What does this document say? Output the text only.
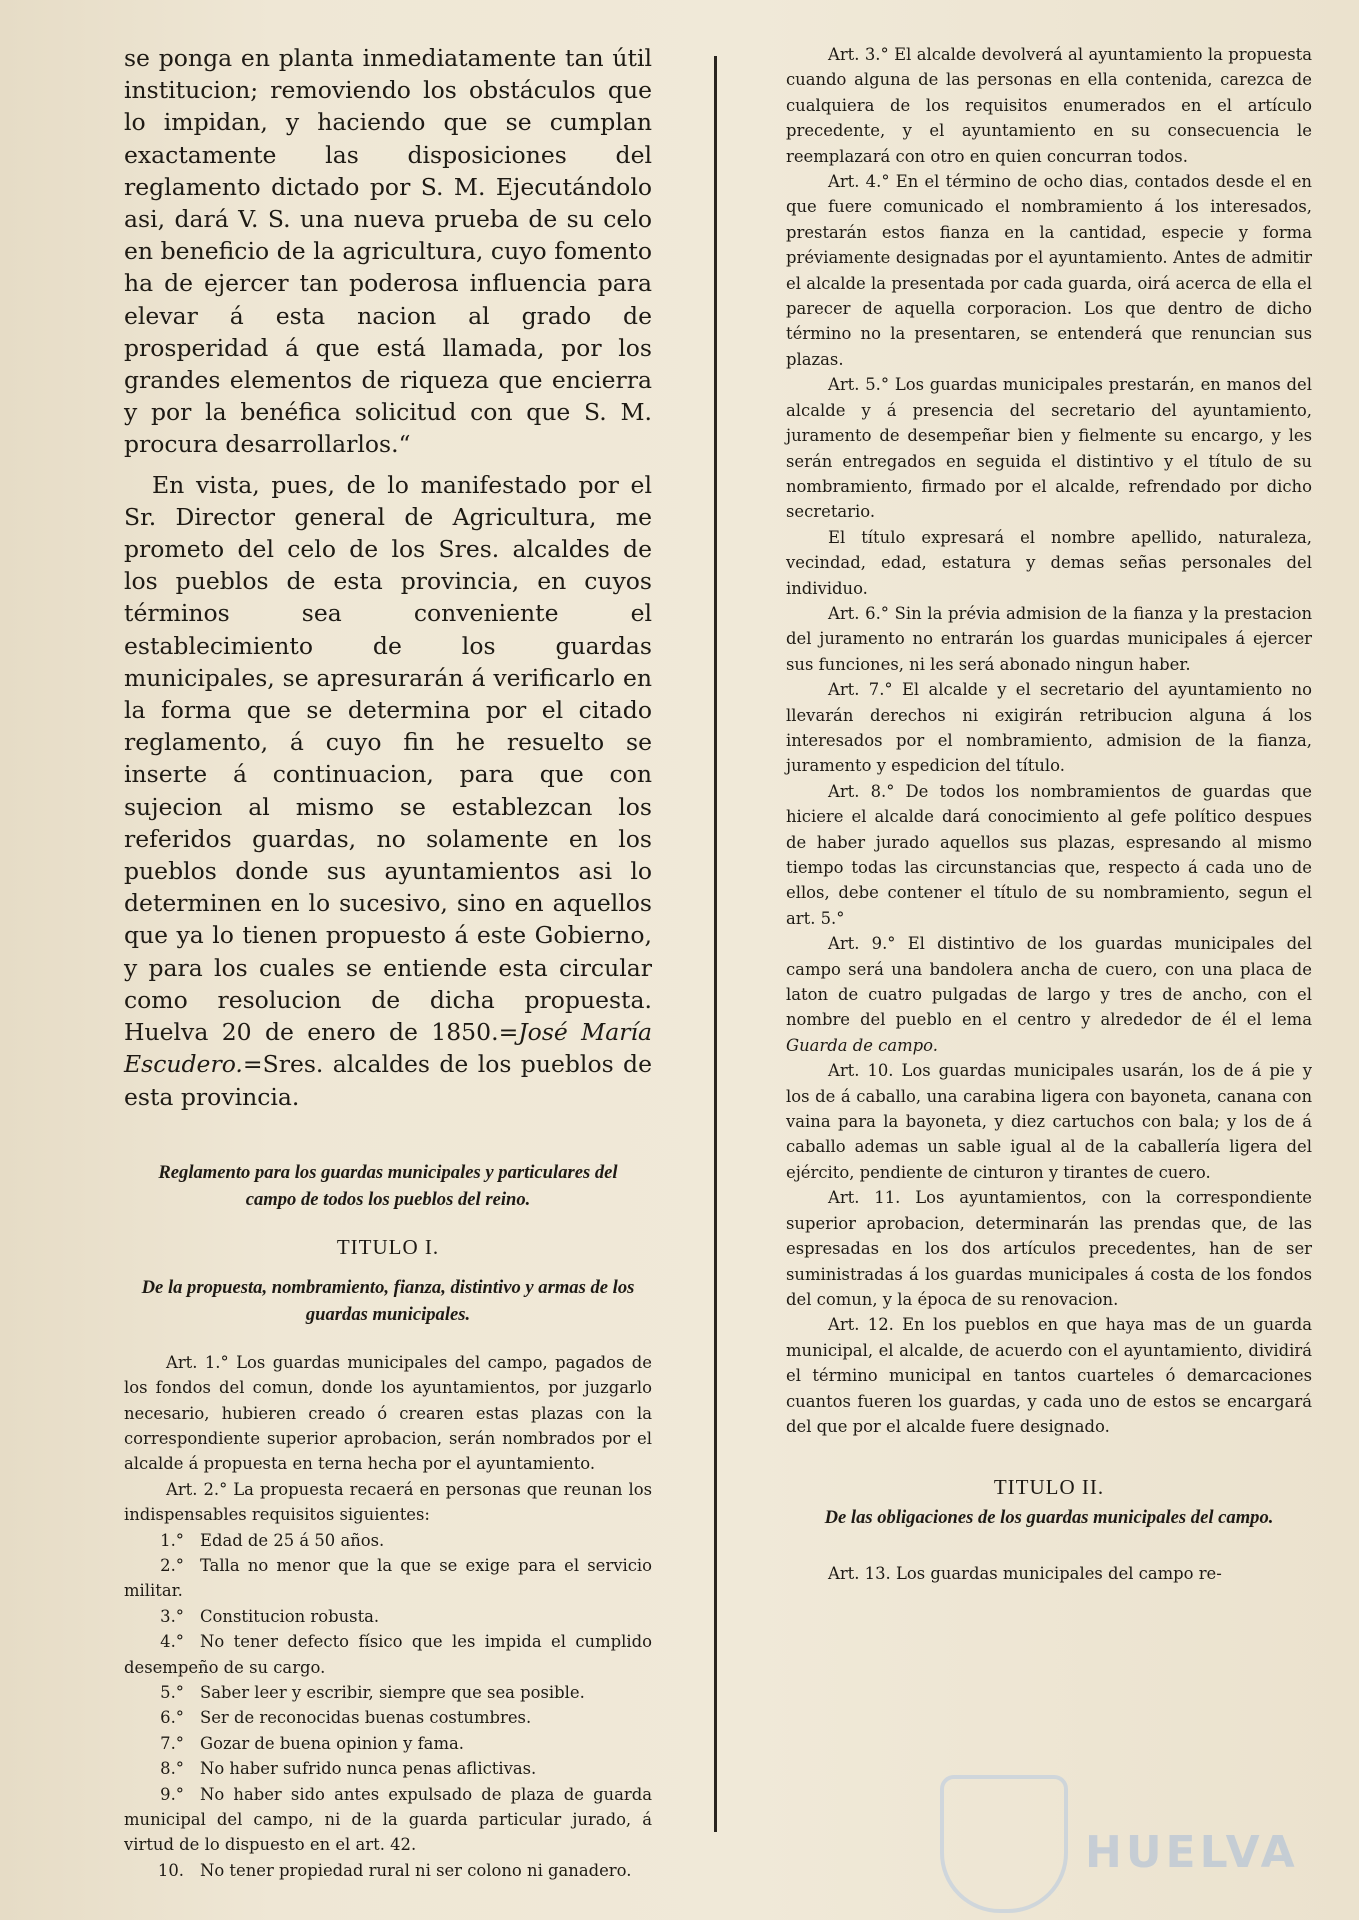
se ponga en planta inmediatamente tan útil institucion; removiendo los obstáculos que lo impidan, y haciendo que se cumplan exactamente las disposiciones del reglamento dictado por S. M. Ejecutándolo asi, dará V. S. una nueva prueba de su celo en beneficio de la agricultura, cuyo fomento ha de ejercer tan poderosa influencia para elevar á esta nacion al grado de prosperidad á que está llamada, por los grandes elementos de riqueza que encierra y por la benéfica solicitud con que S. M. procura desarrollarlos.“

En vista, pues, de lo manifestado por el Sr. Director general de Agricultura, me prometo del celo de los Sres. alcaldes de los pueblos de esta provincia, en cuyos términos sea conveniente el establecimiento de los guardas municipales, se apresurarán á verificarlo en la forma que se determina por el citado reglamento, á cuyo fin he resuelto se inserte á continuacion, para que con sujecion al mismo se establezcan los referidos guardas, no solamente en los pueblos donde sus ayuntamientos asi lo determinen en lo sucesivo, sino en aquellos que ya lo tienen propuesto á este Gobierno, y para los cuales se entiende esta circular como resolucion de dicha propuesta. Huelva 20 de enero de 1850.=José María Escudero.=Sres. alcaldes de los pueblos de esta provincia.

Reglamento para los guardas municipales y particulares del campo de todos los pueblos del reino.

TITULO I.

De la propuesta, nombramiento, fianza, distintivo y armas de los guardas municipales.

Art. 1.° Los guardas municipales del campo, pagados de los fondos del comun, donde los ayuntamientos, por juzgarlo necesario, hubieren creado ó crearen estas plazas con la correspondiente superior aprobacion, serán nombrados por el alcalde á propuesta en terna hecha por el ayuntamiento.

Art. 2.° La propuesta recaerá en personas que reunan los indispensables requisitos siguientes:

1.° Edad de 25 á 50 años.
2.° Talla no menor que la que se exige para el servicio militar.
3.° Constitucion robusta.
4.° No tener defecto físico que les impida el cumplido desempeño de su cargo.
5.° Saber leer y escribir, siempre que sea posible.
6.° Ser de reconocidas buenas costumbres.
7.° Gozar de buena opinion y fama.
8.° No haber sufrido nunca penas aflictivas.
9.° No haber sido antes expulsado de plaza de guarda municipal del campo, ni de la guarda particular jurado, á virtud de lo dispuesto en el art. 42.
10. No tener propiedad rural ni ser colono ni ganadero.

Art. 3.° El alcalde devolverá al ayuntamiento la propuesta cuando alguna de las personas en ella contenida, carezca de cualquiera de los requisitos enumerados en el artículo precedente, y el ayuntamiento en su consecuencia le reemplazará con otro en quien concurran todos.

Art. 4.° En el término de ocho dias, contados desde el en que fuere comunicado el nombramiento á los interesados, prestarán estos fianza en la cantidad, especie y forma préviamente designadas por el ayuntamiento. Antes de admitir el alcalde la presentada por cada guarda, oirá acerca de ella el parecer de aquella corporacion. Los que dentro de dicho término no la presentaren, se entenderá que renuncian sus plazas.

Art. 5.° Los guardas municipales prestarán, en manos del alcalde y á presencia del secretario del ayuntamiento, juramento de desempeñar bien y fielmente su encargo, y les serán entregados en seguida el distintivo y el título de su nombramiento, firmado por el alcalde, refrendado por dicho secretario.

El título expresará el nombre apellido, naturaleza, vecindad, edad, estatura y demas señas personales del individuo.

Art. 6.° Sin la prévia admision de la fianza y la prestacion del juramento no entrarán los guardas municipales á ejercer sus funciones, ni les será abonado ningun haber.

Art. 7.° El alcalde y el secretario del ayuntamiento no llevarán derechos ni exigirán retribucion alguna á los interesados por el nombramiento, admision de la fianza, juramento y espedicion del título.

Art. 8.° De todos los nombramientos de guardas que hiciere el alcalde dará conocimiento al gefe político despues de haber jurado aquellos sus plazas, espresando al mismo tiempo todas las circunstancias que, respecto á cada uno de ellos, debe contener el título de su nombramiento, segun el art. 5.°

Art. 9.° El distintivo de los guardas municipales del campo será una bandolera ancha de cuero, con una placa de laton de cuatro pulgadas de largo y tres de ancho, con el nombre del pueblo en el centro y alrededor de él el lema Guarda de campo.

Art. 10. Los guardas municipales usarán, los de á pie y los de á caballo, una carabina ligera con bayoneta, canana con vaina para la bayoneta, y diez cartuchos con bala; y los de á caballo ademas un sable igual al de la caballería ligera del ejército, pendiente de cinturon y tirantes de cuero.

Art. 11. Los ayuntamientos, con la correspondiente superior aprobacion, determinarán las prendas que, de las espresadas en los dos artículos precedentes, han de ser suministradas á los guardas municipales á costa de los fondos del comun, y la época de su renovacion.

Art. 12. En los pueblos en que haya mas de un guarda municipal, el alcalde, de acuerdo con el ayuntamiento, dividirá el término municipal en tantos cuarteles ó demarcaciones cuantos fueren los guardas, y cada uno de estos se encargará del que por el alcalde fuere designado.

TITULO II.

De las obligaciones de los guardas municipales del campo.

Art. 13. Los guardas municipales del campo re-

HUELVA
